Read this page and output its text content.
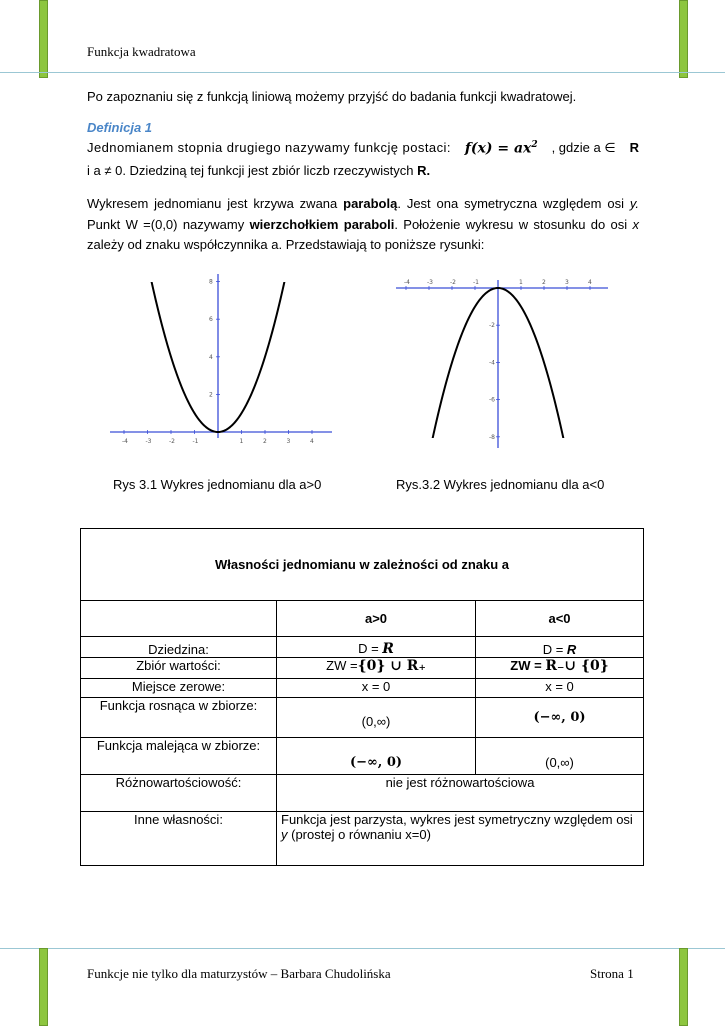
Funkcja kwadratowa
Po zapoznaniu się z funkcją liniową możemy przyjść do badania funkcji kwadratowej.
Definicja 1
Jednomianem stopnia drugiego nazywamy funkcję postaci: $f(x) = ax^2$ , gdzie a ∈ R
i a ≠ 0. Dziedziną tej funkcji jest zbiór liczb rzeczywistych R.

Wykresem jednomianu jest krzywa zwana parabolą. Jest ona symetryczna względem osi y.

Punkt W =(0,0) nazywamy wierzchołkiem paraboli. Położenie wykresu w stosunku do osi x

zależy od znaku współczynnika a. Przedstawiają to poniższe rysunki:

-4	-3	-2	-1	1	2	3	4
2
4
6
8	-4	-3	-2	-1	1	2	3	4
-2
-4
-6
-8
Rys 3.1 Wykres jednomianu dla a>0	Rys.3.2 Wykres jednomianu dla a<0
Własności jednomianu w zależności od znaku a		
	a>0	a<0
Dziedzina:	D = R	D = R
Zbiór wartości:	ZW ={0} ∪ R₊	ZW = R₋∪ {0}
Miejsce zerowe:	x = 0	x = 0
Funkcja rosnąca w zbiorze:	(0,∞)	(−∞, 0)
Funkcja malejąca w zbiorze:	(−∞, 0)	(0,∞)
Różnowartościowość:	nie jest różnowartościowa	
Inne własności:	Funkcja jest parzysta, wykres jest symetryczny względem osi y (prostej o równaniu x=0)	
Funkcje nie tylko dla maturzystów – Barbara Chudolińska	Strona 1
